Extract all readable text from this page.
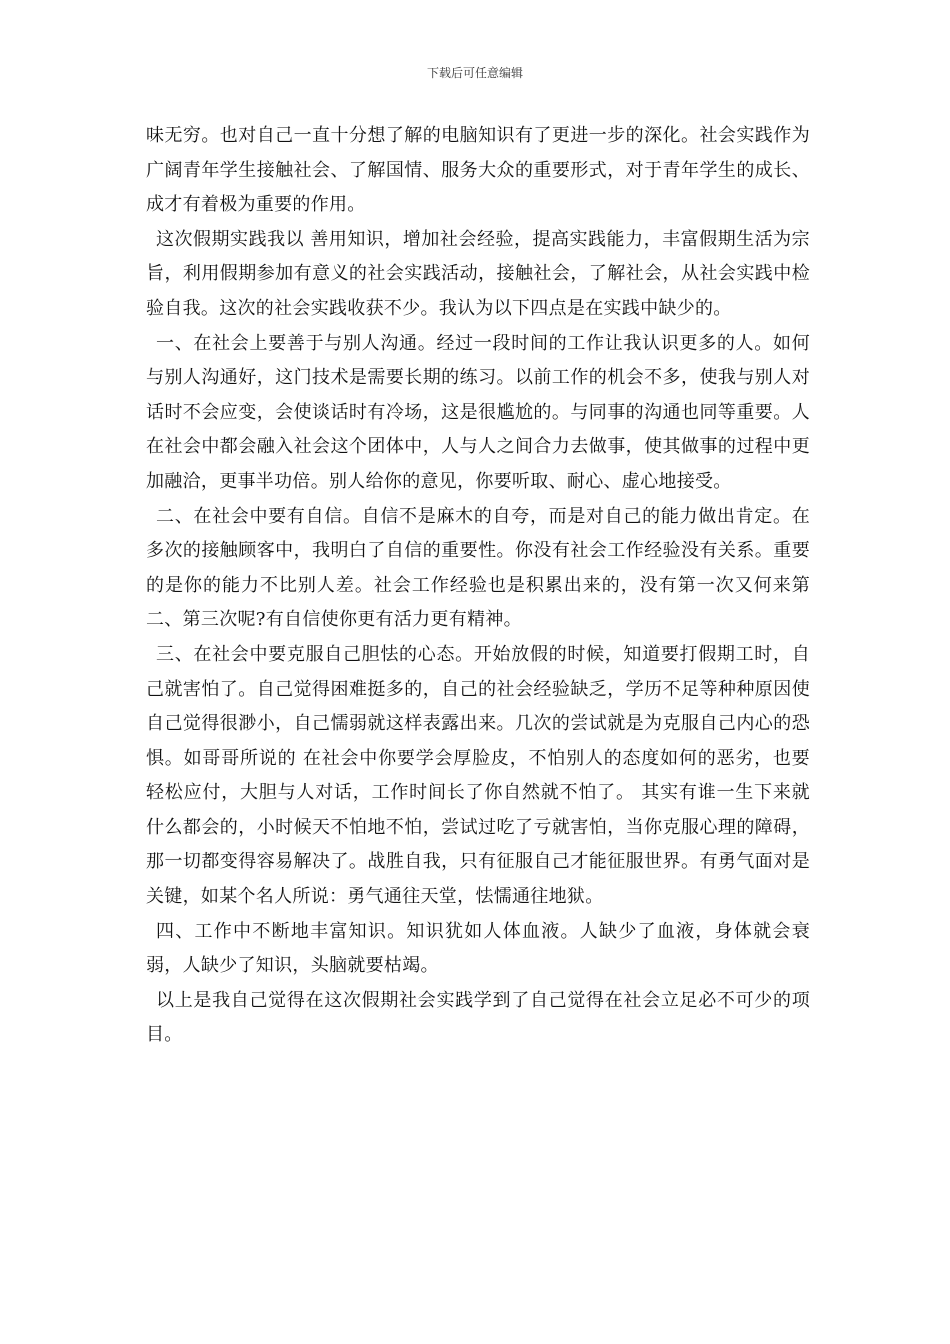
下载后可任意编辑

味无穷。也对自己一直十分想了解的电脑知识有了更进一步的深化。社会实践作为广阔青年学生接触社会、了解国情、服务大众的重要形式，对于青年学生的成长、成才有着极为重要的作用。

这次假期实践我以 善用知识，增加社会经验，提高实践能力，丰富假期生活为宗旨，利用假期参加有意义的社会实践活动，接触社会，了解社会，从社会实践中检验自我。这次的社会实践收获不少。我认为以下四点是在实践中缺少的。

一、在社会上要善于与别人沟通。经过一段时间的工作让我认识更多的人。如何与别人沟通好，这门技术是需要长期的练习。以前工作的机会不多，使我与别人对话时不会应变，会使谈话时有冷场，这是很尴尬的。与同事的沟通也同等重要。人在社会中都会融入社会这个团体中，人与人之间合力去做事，使其做事的过程中更加融洽，更事半功倍。别人给你的意见，你要听取、耐心、虚心地接受。

二、在社会中要有自信。自信不是麻木的自夸，而是对自己的能力做出肯定。在多次的接触顾客中，我明白了自信的重要性。你没有社会工作经验没有关系。重要的是你的能力不比别人差。社会工作经验也是积累出来的，没有第一次又何来第二、第三次呢?有自信使你更有活力更有精神。

三、在社会中要克服自己胆怯的心态。开始放假的时候，知道要打假期工时，自己就害怕了。自己觉得困难挺多的，自己的社会经验缺乏，学历不足等种种原因使自己觉得很渺小，自己懦弱就这样表露出来。几次的尝试就是为克服自己内心的恐惧。如哥哥所说的 在社会中你要学会厚脸皮，不怕别人的态度如何的恶劣，也要轻松应付，大胆与人对话，工作时间长了你自然就不怕了。 其实有谁一生下来就什么都会的，小时候天不怕地不怕，尝试过吃了亏就害怕，当你克服心理的障碍，那一切都变得容易解决了。战胜自我，只有征服自己才能征服世界。有勇气面对是关键，如某个名人所说：勇气通往天堂，怯懦通往地狱。

四、工作中不断地丰富知识。知识犹如人体血液。人缺少了血液，身体就会衰弱，人缺少了知识，头脑就要枯竭。

以上是我自己觉得在这次假期社会实践学到了自己觉得在社会立足必不可少的项目。
